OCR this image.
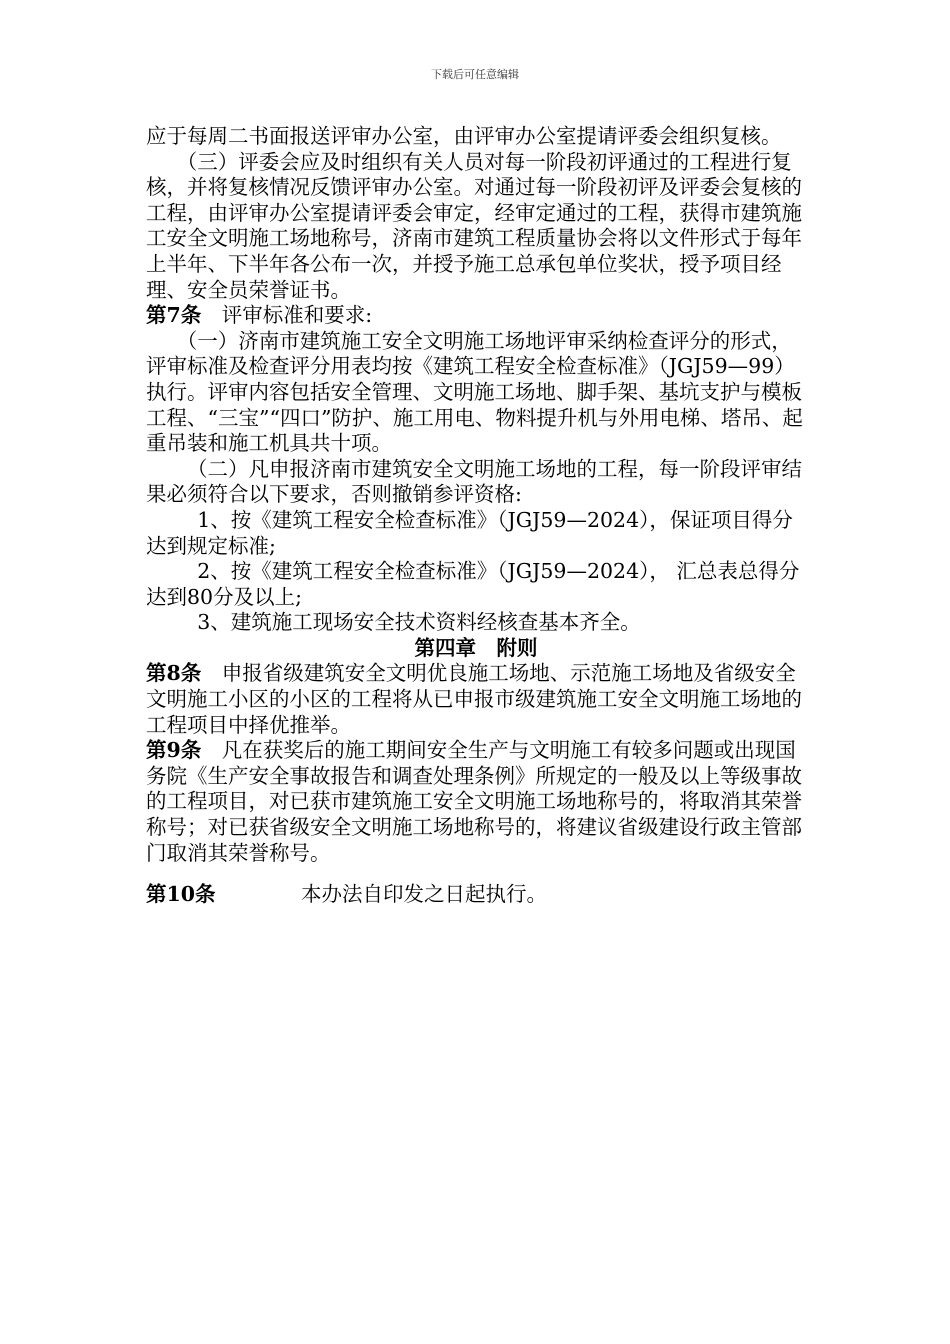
下载后可任意编辑

应于每周二书面报送评审办公室，由评审办公室提请评委会组织复核。

（三）评委会应及时组织有关人员对每一阶段初评通过的工程进行复核，并将复核情况反馈评审办公室。对通过每一阶段初评及评委会复核的工程，由评审办公室提请评委会审定，经审定通过的工程，获得市建筑施工安全文明施工场地称号，济南市建筑工程质量协会将以文件形式于每年上半年、下半年各公布一次，并授予施工总承包单位奖状，授予项目经理、安全员荣誉证书。

第7条　评审标准和要求:

（一）济南市建筑施工安全文明施工场地评审采纳检查评分的形式，评审标准及检查评分用表均按《建筑工程安全检查标准》（JGJ59—99）执行。评审内容包括安全管理、文明施工场地、脚手架、基坑支护与模板工程、“三宝”“四口”防护、施工用电、物料提升机与外用电梯、塔吊、起重吊装和施工机具共十项。

（二）凡申报济南市建筑安全文明施工场地的工程，每一阶段评审结果必须符合以下要求，否则撤销参评资格:

1、按《建筑工程安全检查标准》（JGJ59—2024），保证项目得分达到规定标准;

2、按《建筑工程安全检查标准》（JGJ59—2024）， 汇总表总得分达到80分及以上;

3、建筑施工现场安全技术资料经核查基本齐全。

第四章　附则

第8条　申报省级建筑安全文明优良施工场地、示范施工场地及省级安全文明施工小区的小区的工程将从已申报市级建筑施工安全文明施工场地的工程项目中择优推举。

第9条　凡在获奖后的施工期间安全生产与文明施工有较多问题或出现国务院《生产安全事故报告和调查处理条例》所规定的一般及以上等级事故的工程项目，对已获市建筑施工安全文明施工场地称号的，将取消其荣誉称号；对已获省级安全文明施工场地称号的，将建议省级建设行政主管部门取消其荣誉称号。

第10条	本办法自印发之日起执行。
